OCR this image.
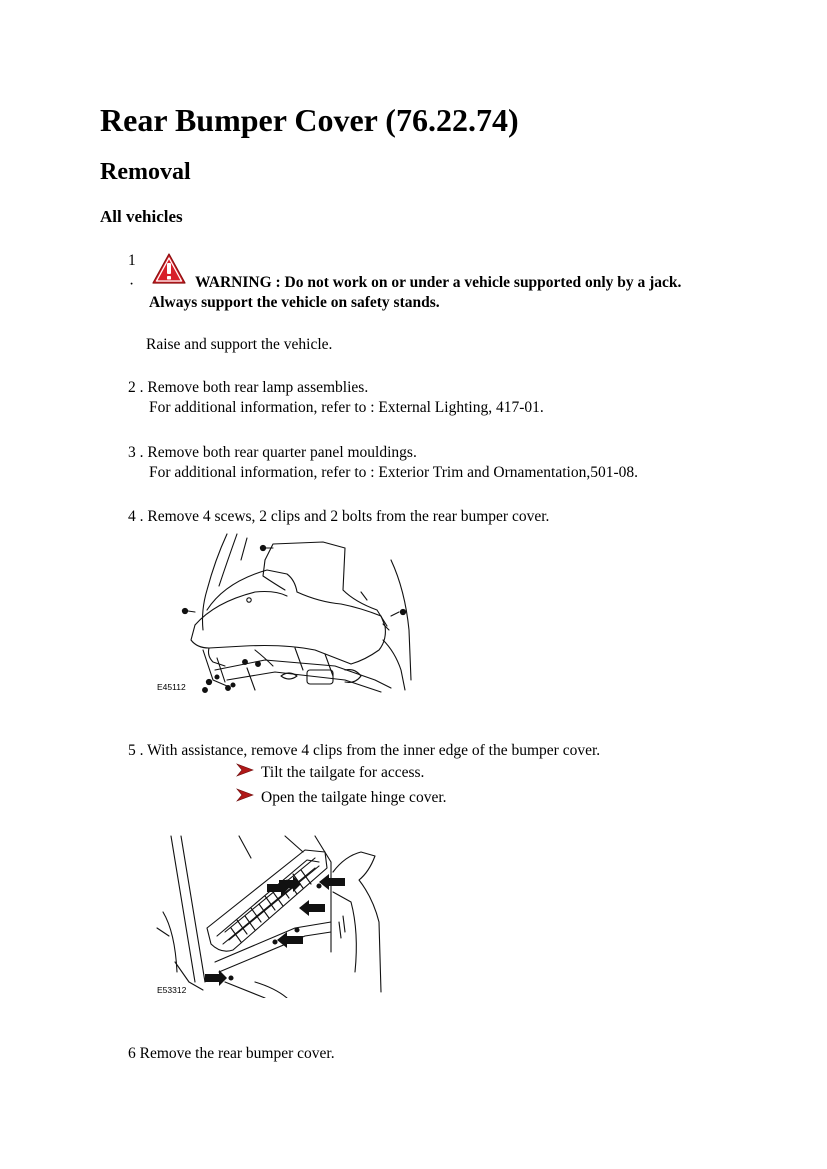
Rear Bumper Cover (76.22.74)
Removal
All vehicles
1
·	WARNING : Do not work on or under a vehicle supported only by a jack.
Always support the vehicle on safety stands.
Raise and support the vehicle.
2 . Remove both rear lamp assemblies.
For additional information, refer to : External Lighting, 417-01.
3 . Remove both rear quarter panel mouldings.
For additional information, refer to : Exterior Trim and Ornamentation,501-08.
4 . Remove 4 scews, 2 clips and 2 bolts from the rear bumper cover.
E45112
5 . With assistance, remove 4 clips from the inner edge of the bumper cover.
Tilt the tailgate for access.
Open the tailgate hinge cover.
E53312
6 Remove the rear bumper cover.
